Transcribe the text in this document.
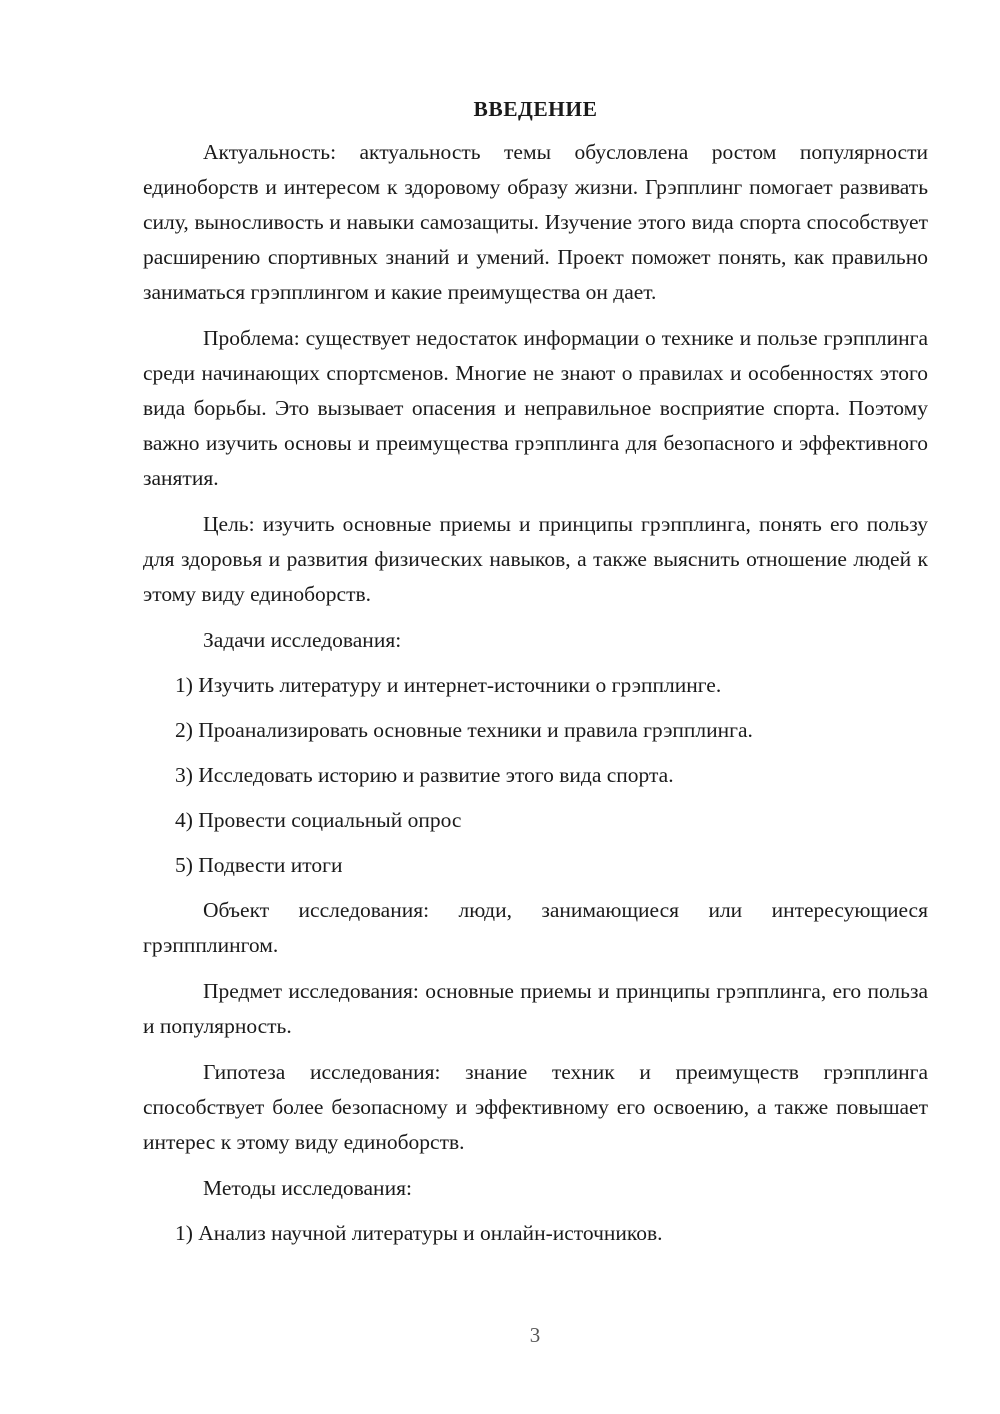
ВВЕДЕНИЕ

Актуальность: актуальность темы обусловлена ростом популярности единоборств и интересом к здоровому образу жизни. Грэпплинг помогает развивать силу, выносливость и навыки самозащиты. Изучение этого вида спорта способствует расширению спортивных знаний и умений. Проект поможет понять, как правильно заниматься грэпплингом и какие преимущества он дает.

Проблема: существует недостаток информации о технике и пользе грэпплинга среди начинающих спортсменов. Многие не знают о правилах и особенностях этого вида борьбы. Это вызывает опасения и неправильное восприятие спорта. Поэтому важно изучить основы и преимущества грэпплинга для безопасного и эффективного занятия.

Цель: изучить основные приемы и принципы грэпплинга, понять его пользу для здоровья и развития физических навыков, а также выяснить отношение людей к этому виду единоборств.

Задачи исследования:

1) Изучить литературу и интернет-источники о грэпплинге.

2) Проанализировать основные техники и правила грэпплинга.

3) Исследовать историю и развитие этого вида спорта.

4) Провести социальный опрос

5) Подвести итоги

Объект исследования: люди, занимающиеся или интересующиеся грэппплингом.

Предмет исследования: основные приемы и принципы грэпплинга, его польза и популярность.

Гипотеза исследования: знание техник и преимуществ грэпплинга способствует более безопасному и эффективному его освоению, а также повышает интерес к этому виду единоборств.

Методы исследования:

1) Анализ научной литературы и онлайн-источников.

3
